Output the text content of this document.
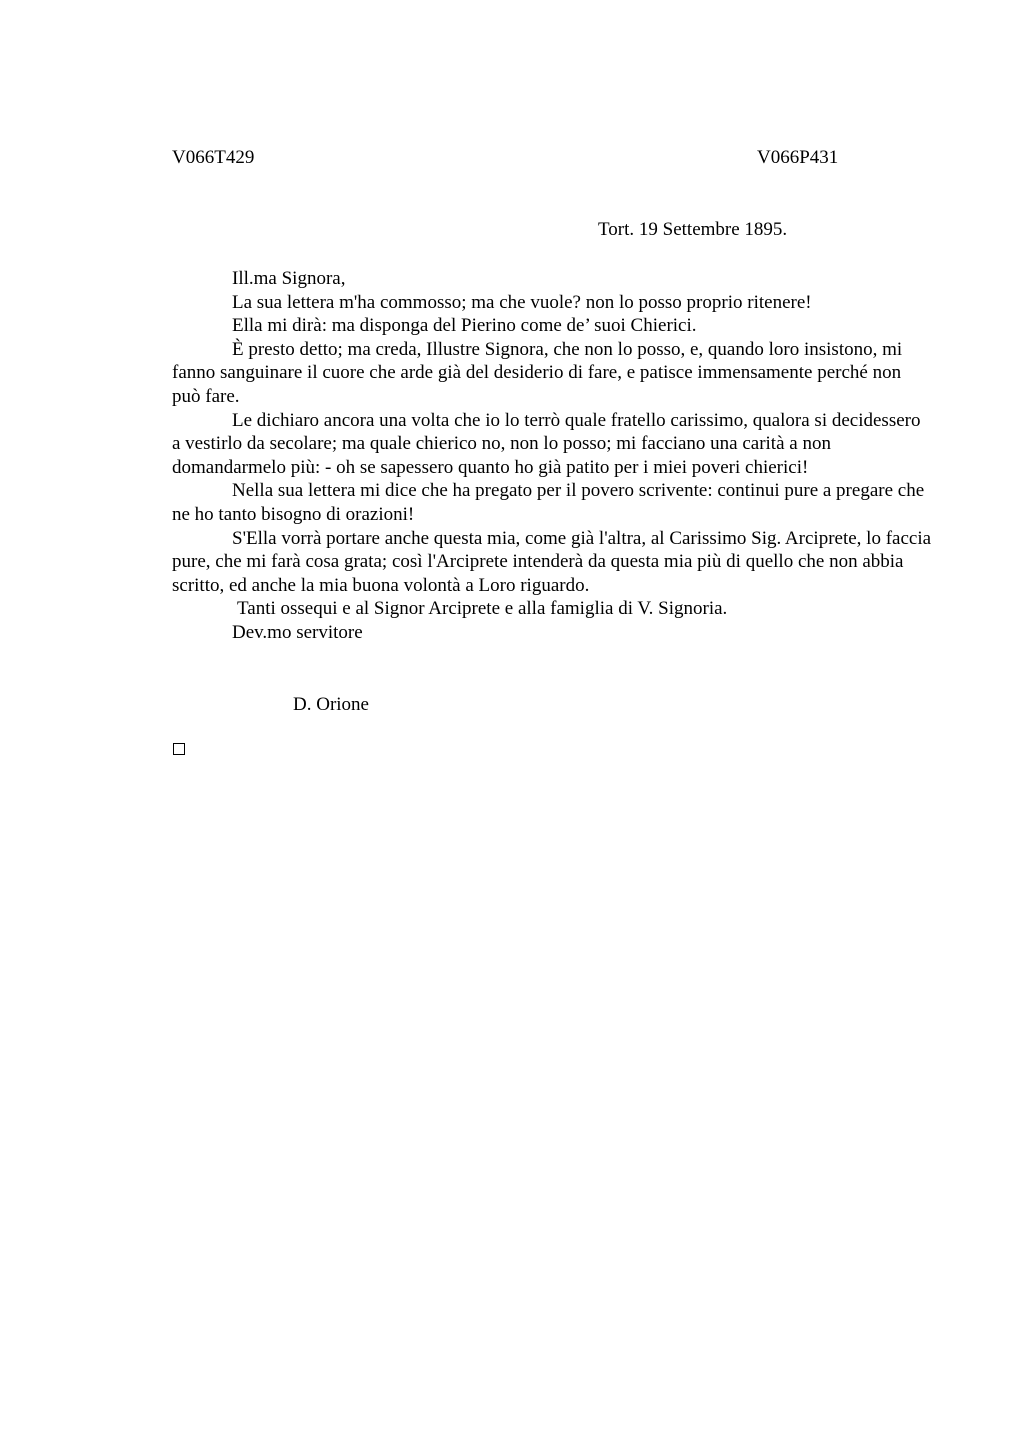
V066T429	V066P431
Tort. 19 Settembre 1895.

Ill.ma Signora,

La sua lettera m'ha commosso; ma che vuole? non lo posso proprio ritenere!

Ella mi dirà: ma disponga del Pierino come de’ suoi Chierici.

È presto detto; ma creda, Illustre Signora, che non lo posso, e, quando loro insistono, mi fanno sanguinare il cuore che arde già del desiderio di fare, e patisce immensamente perché non può fare.

Le dichiaro ancora una volta che io lo terrò quale fratello carissimo, qualora si decidessero a vestirlo da secolare; ma quale chierico no, non lo posso; mi facciano una carità a non domandarmelo più: - oh se sapessero quanto ho già patito per i miei poveri chierici!

Nella sua lettera mi dice che ha pregato per il povero scrivente: continui pure a pregare che ne ho tanto bisogno di orazioni!

S'Ella vorrà portare anche questa mia, come già l'altra, al Carissimo Sig. Arciprete, lo faccia pure, che mi farà cosa grata; così l'Arciprete intenderà da questa mia più di quello che non abbia scritto, ed anche la mia buona volontà a Loro riguardo.

Tanti ossequi e al Signor Arciprete e alla famiglia di V. Signoria.

Dev.mo servitore

D. Orione
